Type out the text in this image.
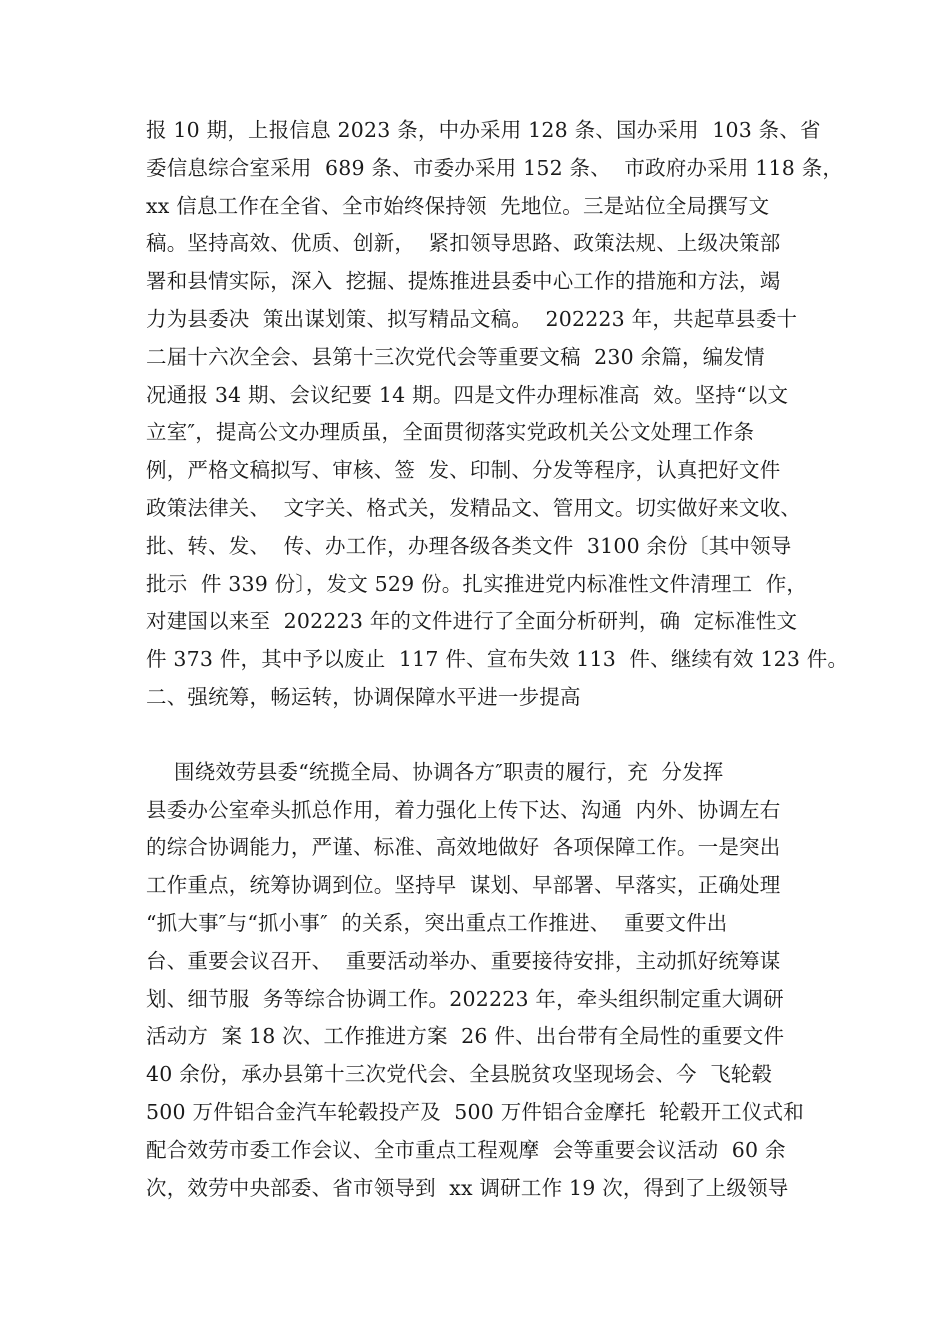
报 10 期，上报信息 2023 条，中办采用 128 条、国办采用  103 条、省
委信息综合室采用  689 条、市委办采用 152 条、  市政府办采用 118 条，
xx 信息工作在全省、全市始终保持领  先地位。三是站位全局撰写文
稿。坚持高效、优质、创新，  紧扣领导思路、政策法规、上级决策部
署和县情实际，深入  挖掘、提炼推进县委中心工作的措施和方法，竭
力为县委决  策出谋划策、拟写精品文稿。  202223 年，共起草县委十
二届十六次全会、县第十三次党代会等重要文稿  230 余篇，编发情
况通报 34 期、会议纪要 14 期。四是文件办理标准高  效。坚持“以文
立室″，提高公文办理质虽，全面贯彻落实党政机关公文处理工作条
例，严格文稿拟写、审核、签  发、印制、分发等程序，认真把好文件
政策法律关、  文字关、格式关，发精品文、管用文。切实做好来文收、
批、转、发、  传、办工作，办理各级各类文件  3100 余份〔其中领导
批示  件 339 份〕，发文 529 份。扎实推进党内标准性文件清理工  作，
对建国以来至  202223 年的文件进行了全面分析研判，确  定标准性文
件 373 件，其中予以废止  117 件、宣布失效 113  件、继续有效 123 件。
二、强统筹，畅运转，协调保障水平进一步提高
围绕效劳县委“统揽全局、协调各方″职责的履行，充  分发挥
县委办公室牵头抓总作用，着力强化上传下达、沟通  内外、协调左右
的综合协调能力，严谨、标准、高效地做好  各项保障工作。一是突出
工作重点，统筹协调到位。坚持早  谋划、早部署、早落实，正确处理
“抓大事″与“抓小事″  的关系，突出重点工作推进、  重要文件出
台、重要会议召开、  重要活动举办、重要接待安排，主动抓好统筹谋
划、细节服  务等综合协调工作。202223 年，牵头组织制定重大调研
活动方  案 18 次、工作推进方案  26 件、出台带有全局性的重要文件
40 余份，承办县第十三次党代会、全县脱贫攻坚现场会、今  飞轮毂
500 万件铝合金汽车轮毂投产及  500 万件铝合金摩托  轮毂开工仪式和
配合效劳市委工作会议、全市重点工程观摩  会等重要会议活动  60 余
次，效劳中央部委、省市领导到  xx 调研工作 19 次，得到了上级领导
